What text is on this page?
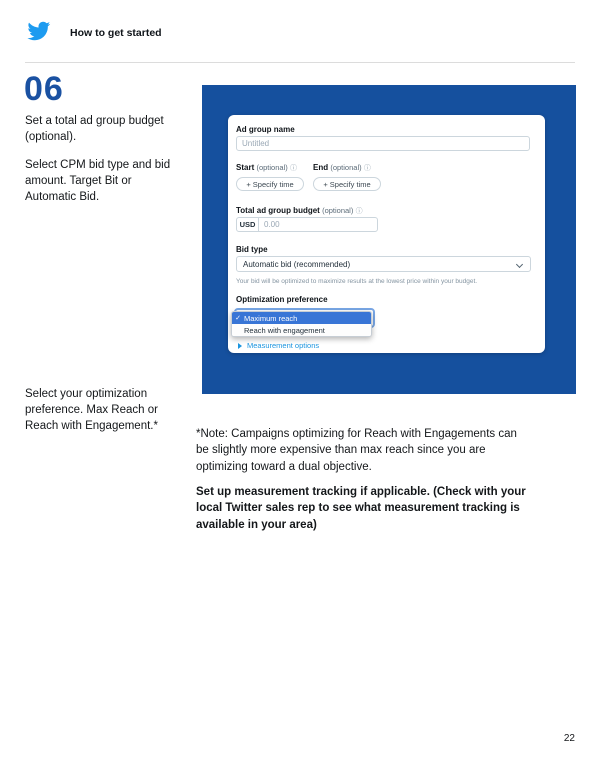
How to get started
06

Set a total ad group budget (optional).

Select CPM bid type and bid amount. Target Bit or Automatic Bid.

Select your optimization preference. Max Reach or Reach with Engagement.*

Ad group name
Untitled
Start (optional) ⓘ End (optional) ⓘ
+ Specify time	+ Specify time
Total ad group budget (optional) ⓘ
USD
0.00
Bid type
Automatic bid (recommended)
Your bid will be optimized to maximize results at the lowest price within your budget.
Optimization preference
✓ Maximum reach
Reach with engagement
Measurement options

*Note: Campaigns optimizing for Reach with Engagements can be slightly more expensive than max reach since you are optimizing toward a dual objective.

Set up measurement tracking if applicable. (Check with your local Twitter sales rep to see what measurement tracking is available in your area)

22
